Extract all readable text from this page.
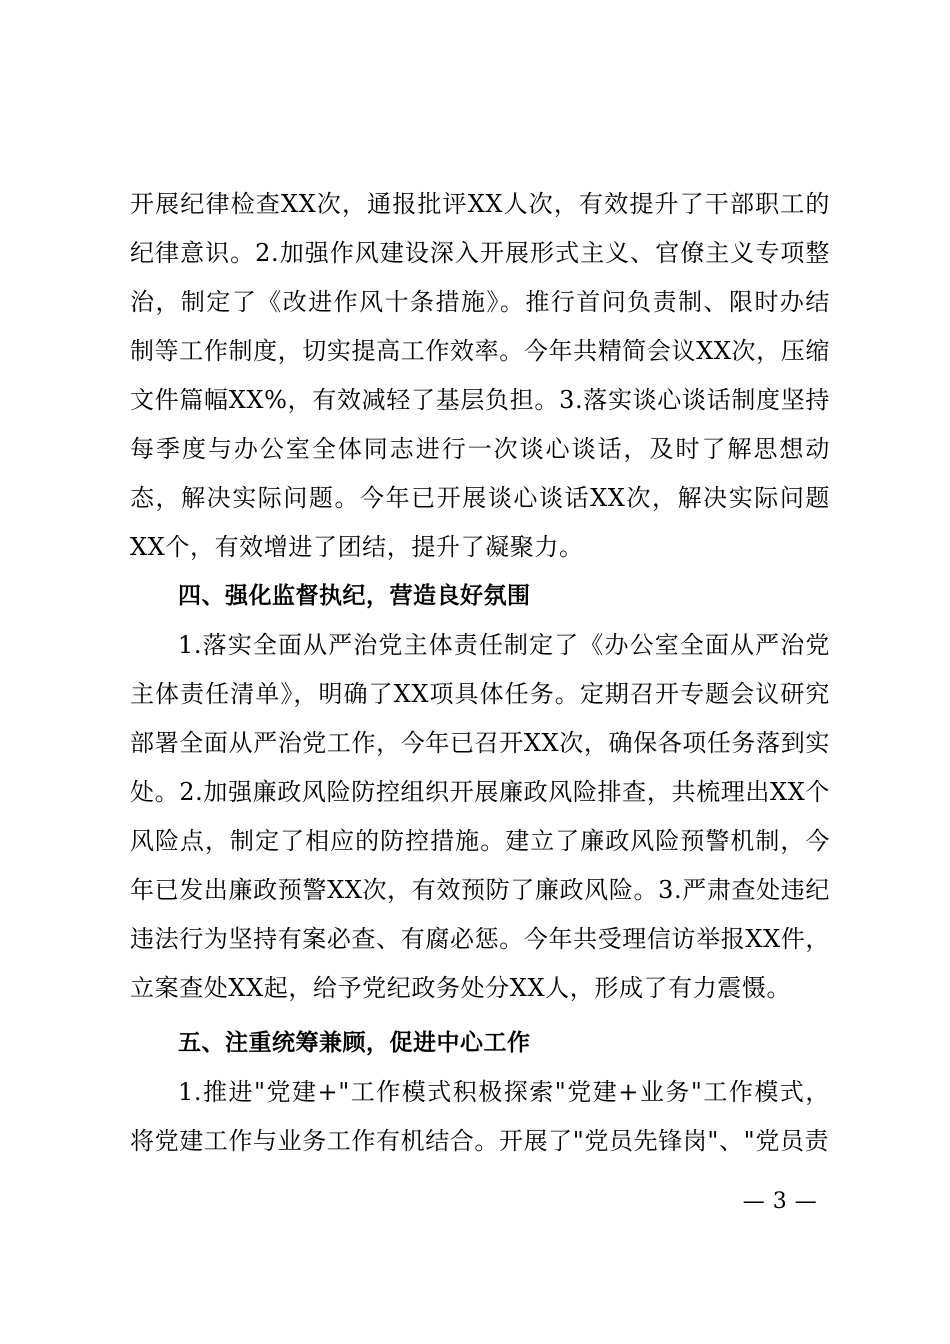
开展纪律检查XX次，通报批评XX人次，有效提升了干部职工的纪律意识。2.加强作风建设深入开展形式主义、官僚主义专项整治，制定了《改进作风十条措施》。推行首问负责制、限时办结制等工作制度，切实提高工作效率。今年共精简会议XX次，压缩文件篇幅XX%，有效减轻了基层负担。3.落实谈心谈话制度坚持每季度与办公室全体同志进行一次谈心谈话，及时了解思想动态，解决实际问题。今年已开展谈心谈话XX次，解决实际问题XX个，有效增进了团结，提升了凝聚力。

四、强化监督执纪，营造良好氛围

1.落实全面从严治党主体责任制定了《办公室全面从严治党主体责任清单》，明确了XX项具体任务。定期召开专题会议研究部署全面从严治党工作，今年已召开XX次，确保各项任务落到实处。2.加强廉政风险防控组织开展廉政风险排查，共梳理出XX个风险点，制定了相应的防控措施。建立了廉政风险预警机制，今年已发出廉政预警XX次，有效预防了廉政风险。3.严肃查处违纪违法行为坚持有案必查、有腐必惩。今年共受理信访举报XX件，立案查处XX起，给予党纪政务处分XX人，形成了有力震慑。

五、注重统筹兼顾，促进中心工作

1.推进"党建+"工作模式积极探索"党建+业务"工作模式，将党建工作与业务工作有机结合。开展了"党员先锋岗"、"党员责

— 3 —
